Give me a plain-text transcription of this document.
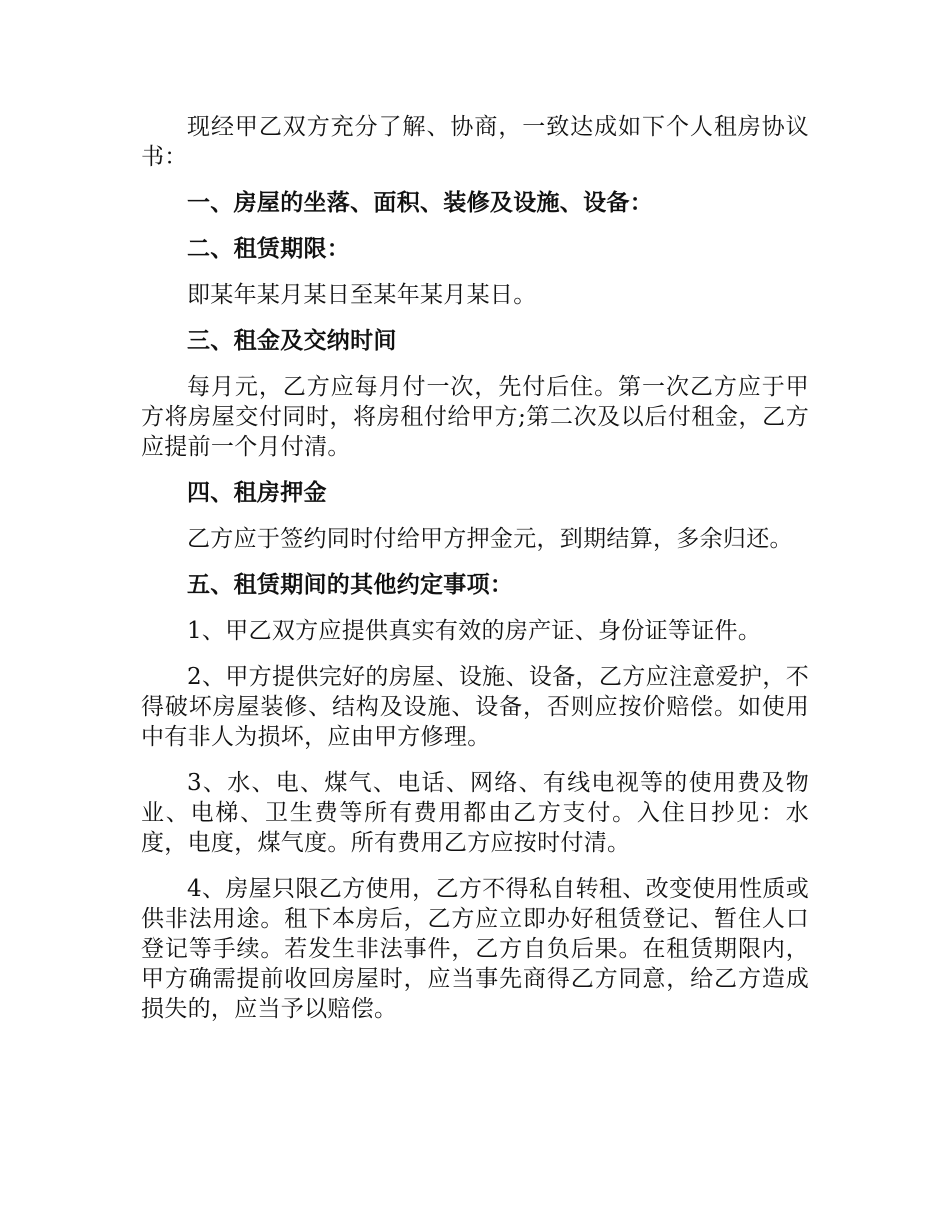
现经甲乙双方充分了解、协商，一致达成如下个人租房协议书：

一、房屋的坐落、面积、装修及设施、设备：

二、租赁期限：

即某年某月某日至某年某月某日。

三、租金及交纳时间

每月元，乙方应每月付一次，先付后住。第一次乙方应于甲方将房屋交付同时，将房租付给甲方;第二次及以后付租金，乙方应提前一个月付清。

四、租房押金

乙方应于签约同时付给甲方押金元，到期结算，多余归还。

五、租赁期间的其他约定事项：

1、甲乙双方应提供真实有效的房产证、身份证等证件。

2、甲方提供完好的房屋、设施、设备，乙方应注意爱护，不得破坏房屋装修、结构及设施、设备，否则应按价赔偿。如使用中有非人为损坏，应由甲方修理。

3、水、电、煤气、电话、网络、有线电视等的使用费及物业、电梯、卫生费等所有费用都由乙方支付。入住日抄见：水度，电度，煤气度。所有费用乙方应按时付清。

4、房屋只限乙方使用，乙方不得私自转租、改变使用性质或供非法用途。租下本房后，乙方应立即办好租赁登记、暂住人口登记等手续。若发生非法事件，乙方自负后果。在租赁期限内，甲方确需提前收回房屋时，应当事先商得乙方同意，给乙方造成损失的，应当予以赔偿。
